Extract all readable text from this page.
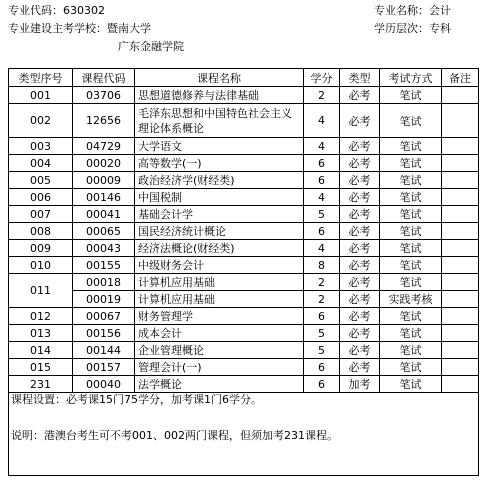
专业代码：630302
专业建设主考学校：暨南大学
广东金融学院
专业名称：会计
学历层次：专科
类型序号	课程代码	课程名称	学分	类型	考试方式	备注
001	03706	思想道德修养与法律基础	2	必考	笔试	
002	12656	毛泽东思想和中国特色社会主义理论体系概论	4	必考	笔试	
003	04729	大学语文	4	必考	笔试	
004	00020	高等数学(一)	6	必考	笔试	
005	00009	政治经济学(财经类)	6	必考	笔试	
006	00146	中国税制	4	必考	笔试	
007	00041	基础会计学	5	必考	笔试	
008	00065	国民经济统计概论	6	必考	笔试	
009	00043	经济法概论(财经类)	4	必考	笔试	
010	00155	中级财务会计	8	必考	笔试	
011	00018	计算机应用基础	2	必考	笔试	
	00019	计算机应用基础	2	必考	实践考核	
012	00067	财务管理学	6	必考	笔试	
013	00156	成本会计	5	必考	笔试	
014	00144	企业管理概论	5	必考	笔试	
015	00157	管理会计(一)	6	必考	笔试	
231	00040	法学概论	6	加考	笔试	

课程设置：必考课15门75学分，加考课1门6学分。
说明：港澳台考生可不考001、002两门课程，但须加考231课程。						
